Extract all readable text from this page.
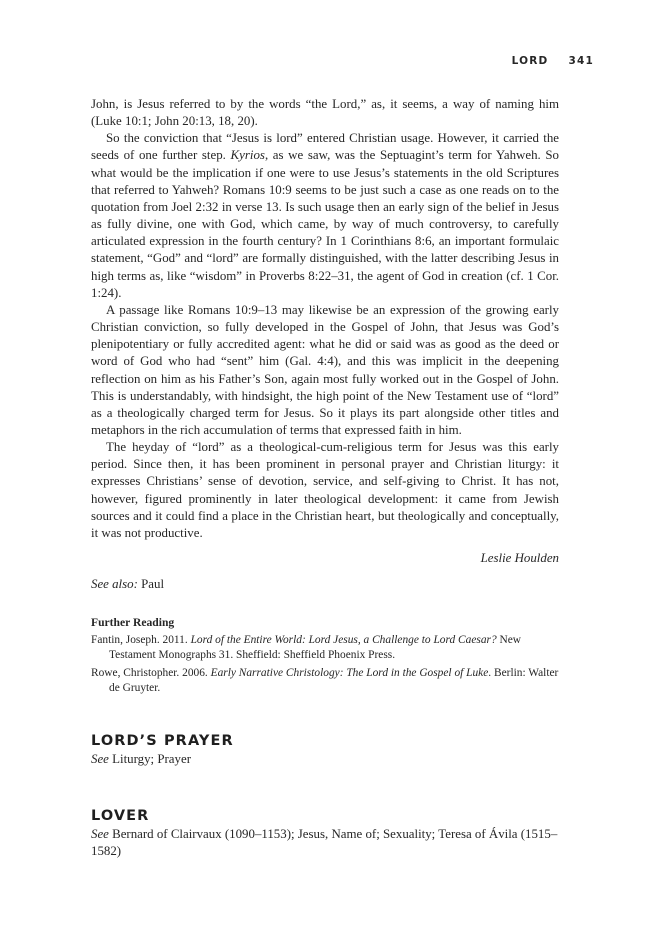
LORD 341

John, is Jesus referred to by the words “the Lord,” as, it seems, a way of naming him (Luke 10:1; John 20:13, 18, 20).

So the conviction that “Jesus is lord” entered Christian usage. However, it carried the seeds of one further step. Kyrios, as we saw, was the Septuagint’s term for Yahweh. So what would be the implication if one were to use Jesus’s statements in the old Scriptures that referred to Yahweh? Romans 10:9 seems to be just such a case as one reads on to the quotation from Joel 2:32 in verse 13. Is such usage then an early sign of the belief in Jesus as fully divine, one with God, which came, by way of much controversy, to carefully articulated expression in the fourth century? In 1 Corinthians 8:6, an important formulaic statement, “God” and “lord” are formally distinguished, with the latter describing Jesus in high terms as, like “wisdom” in Proverbs 8:22–31, the agent of God in creation (cf. 1 Cor. 1:24).

A passage like Romans 10:9–13 may likewise be an expression of the growing early Christian conviction, so fully developed in the Gospel of John, that Jesus was God’s plenipotentiary or fully accredited agent: what he did or said was as good as the deed or word of God who had “sent” him (Gal. 4:4), and this was implicit in the deepening reflection on him as his Father’s Son, again most fully worked out in the Gospel of John. This is understandably, with hindsight, the high point of the New Testament use of “lord” as a theologically charged term for Jesus. So it plays its part alongside other titles and metaphors in the rich accumulation of terms that expressed faith in him.

The heyday of “lord” as a theological-cum-religious term for Jesus was this early period. Since then, it has been prominent in personal prayer and Christian liturgy: it expresses Christians’ sense of devotion, service, and self-giving to Christ. It has not, however, figured prominently in later theological development: it came from Jewish sources and it could find a place in the Christian heart, but theologically and conceptually, it was not productive.

Leslie Houlden
See also: Paul
Further Reading
Fantin, Joseph. 2011. Lord of the Entire World: Lord Jesus, a Challenge to Lord Caesar? New Testament Monographs 31. Sheffield: Sheffield Phoenix Press.
Rowe, Christopher. 2006. Early Narrative Christology: The Lord in the Gospel of Luke. Berlin: Walter de Gruyter.
LORD’S PRAYER
See Liturgy; Prayer
LOVER
See Bernard of Clairvaux (1090–1153); Jesus, Name of; Sexuality; Teresa of Ávila (1515–1582)
